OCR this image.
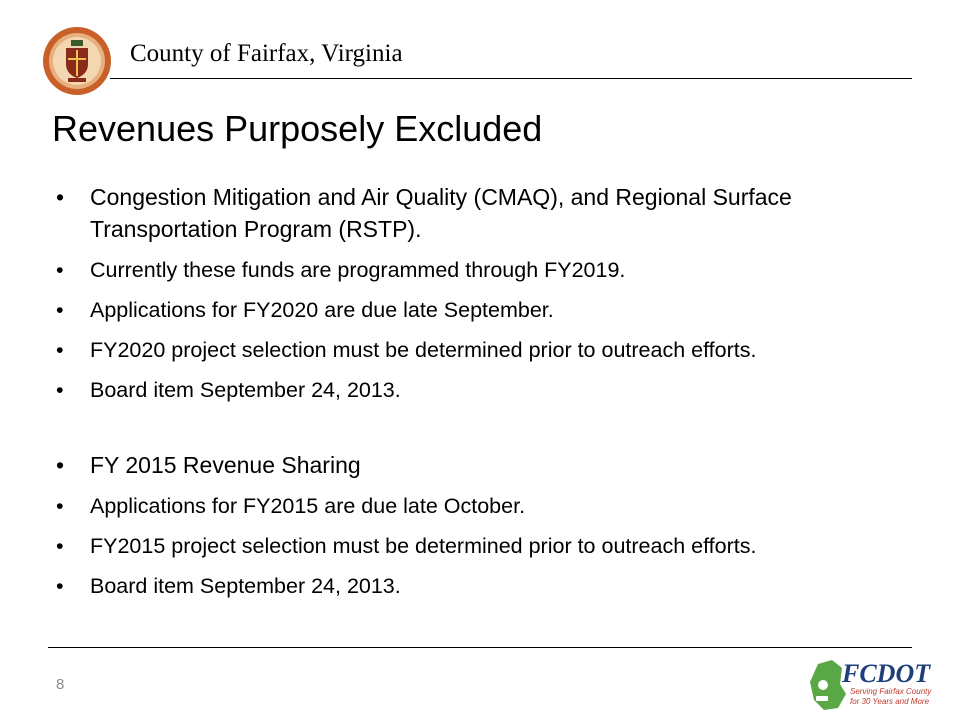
County of Fairfax, Virginia
Revenues Purposely Excluded
• Congestion Mitigation and Air Quality (CMAQ), and Regional Surface Transportation Program (RSTP).
• Currently these funds are programmed through FY2019.
• Applications for FY2020 are due late September.
• FY2020 project selection must be determined prior to outreach efforts.
• Board item September 24, 2013.
• FY 2015 Revenue Sharing
• Applications for FY2015 are due late October.
• FY2015 project selection must be determined prior to outreach efforts.
• Board item September 24, 2013.
8	FCDOT
Serving Fairfax County
for 30 Years and More
